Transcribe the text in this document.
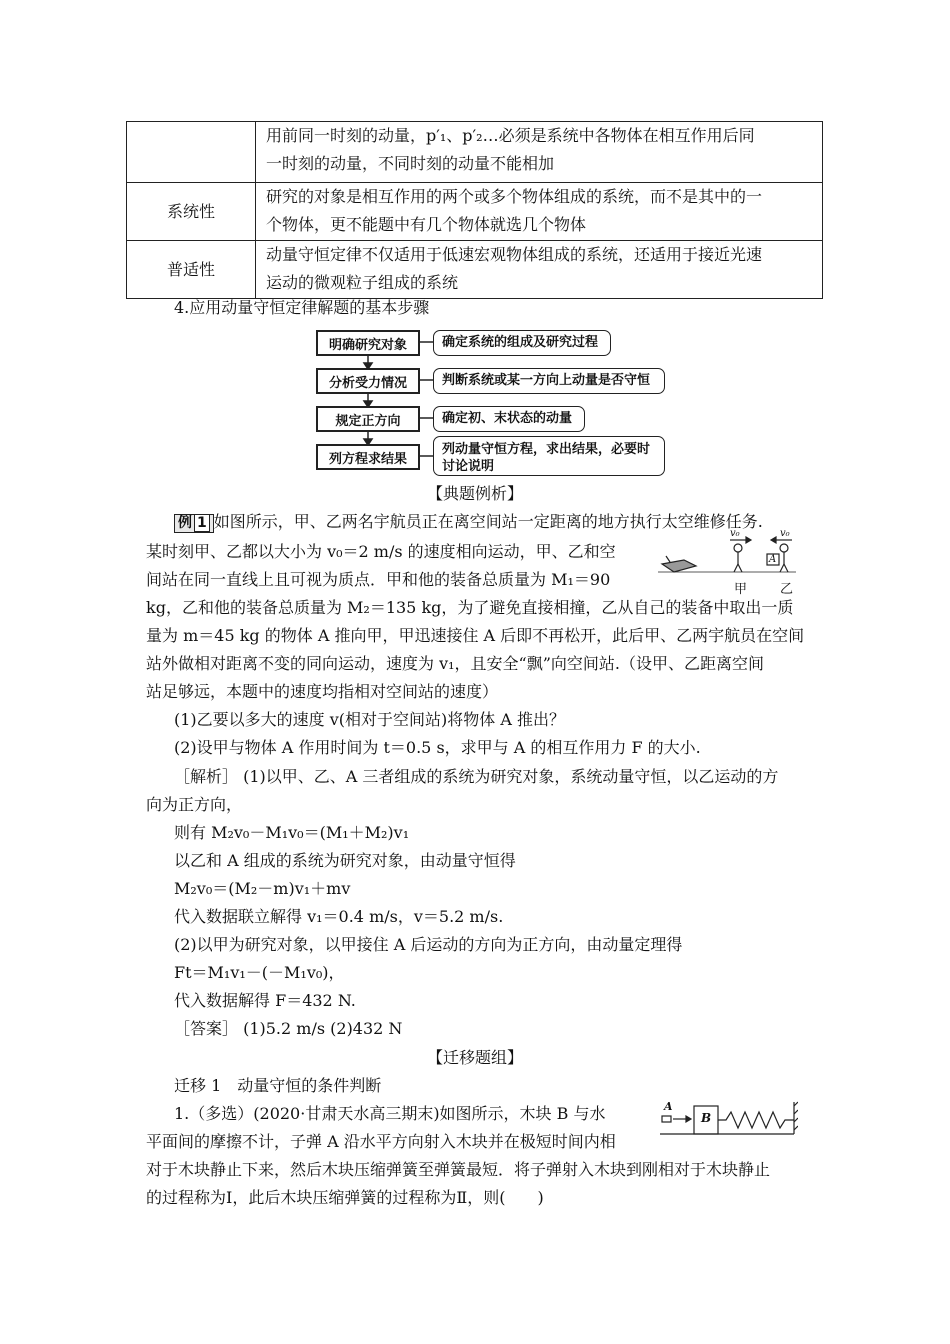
	用前同一时刻的动量，p′₁、p′₂…必须是系统中各物体在相互作用后同
一时刻的动量，不同时刻的动量不能相加

系统性	研究的对象是相互作用的两个或多个物体组成的系统，而不是其中的一
个物体，更不能题中有几个物体就选几个物体

普适性	动量守恒定律不仅适用于低速宏观物体组成的系统，还适用于接近光速
运动的微观粒子组成的系统
4.应用动量守恒定律解题的基本步骤
明确研究对象
分析受力情况
规定正方向
列方程求结果
确定系统的组成及研究过程
判断系统或某一方向上动量是否守恒
确定初、末状态的动量
列动量守恒方程，求出结果，必要时讨论说明
【典题例析】
例 1 如图所示，甲、乙两名宇航员正在离空间站一定距离的地方执行太空维修任务.
某时刻甲、乙都以大小为 v₀＝2 m/s 的速度相向运动，甲、乙和空
间站在同一直线上且可视为质点．甲和他的装备总质量为 M₁＝90
kg，乙和他的装备总质量为 M₂＝135 kg，为了避免直接相撞，乙从自己的装备中取出一质
量为 m＝45 kg 的物体 A 推向甲，甲迅速接住 A 后即不再松开，此后甲、乙两宇航员在空间
站外做相对距离不变的同向运动，速度为 v₁，且安全“飘”向空间站.（设甲、乙距离空间
站足够远，本题中的速度均指相对空间站的速度）
v₀	v₀
A
甲	乙
(1)乙要以多大的速度 v(相对于空间站)将物体 A 推出？
(2)设甲与物体 A 作用时间为 t＝0.5 s，求甲与 A 的相互作用力 F 的大小.
［解析］ (1)以甲、乙、A 三者组成的系统为研究对象，系统动量守恒，以乙运动的方
向为正方向，
则有 M₂v₀－M₁v₀＝(M₁＋M₂)v₁
以乙和 A 组成的系统为研究对象，由动量守恒得
M₂v₀＝(M₂－m)v₁＋mv
代入数据联立解得 v₁＝0.4 m/s，v＝5.2 m/s.
(2)以甲为研究对象，以甲接住 A 后运动的方向为正方向，由动量定理得
Ft＝M₁v₁－(－M₁v₀)，
代入数据解得 F＝432 N.
［答案］ (1)5.2 m/s (2)432 N
【迁移题组】
迁移 1　动量守恒的条件判断
1.（多选）(2020·甘肃天水高三期末)如图所示，木块 B 与水
平面间的摩擦不计，子弹 A 沿水平方向射入木块并在极短时间内相
对于木块静止下来，然后木块压缩弹簧至弹簧最短．将子弹射入木块到刚相对于木块静止
的过程称为Ⅰ，此后木块压缩弹簧的过程称为Ⅱ，则(　　)
A
B
